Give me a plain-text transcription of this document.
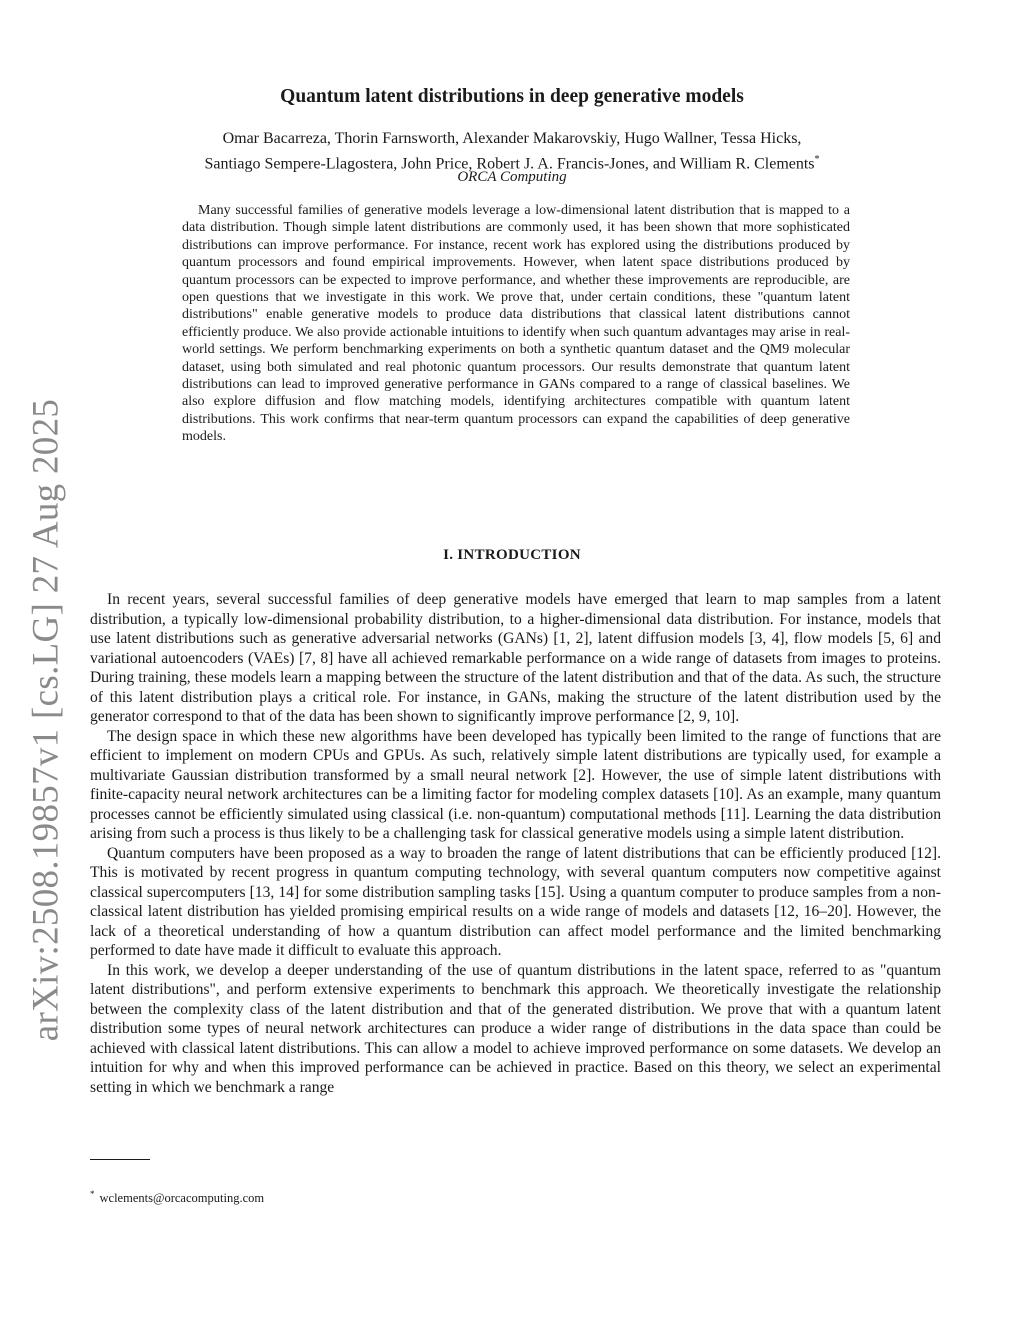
arXiv:2508.19857v1 [cs.LG] 27 Aug 2025
Quantum latent distributions in deep generative models
Omar Bacarreza, Thorin Farnsworth, Alexander Makarovskiy, Hugo Wallner, Tessa Hicks,
Santiago Sempere-Llagostera, John Price, Robert J. A. Francis-Jones, and William R. Clements*
ORCA Computing

Many successful families of generative models leverage a low-dimensional latent distribution that is mapped to a data distribution. Though simple latent distributions are commonly used, it has been shown that more sophisticated distributions can improve performance. For instance, recent work has explored using the distributions produced by quantum processors and found empirical improvements. However, when latent space distributions produced by quantum processors can be expected to improve performance, and whether these improvements are reproducible, are open questions that we investigate in this work. We prove that, under certain conditions, these "quantum latent distributions" enable generative models to produce data distributions that classical latent distributions cannot efficiently produce. We also provide actionable intuitions to identify when such quantum advantages may arise in real-world settings. We perform benchmarking experiments on both a synthetic quantum dataset and the QM9 molecular dataset, using both simulated and real photonic quantum processors. Our results demonstrate that quantum latent distributions can lead to improved generative performance in GANs compared to a range of classical baselines. We also explore diffusion and flow matching models, identifying architectures compatible with quantum latent distributions. This work confirms that near-term quantum processors can expand the capabilities of deep generative models.

I. INTRODUCTION

In recent years, several successful families of deep generative models have emerged that learn to map samples from a latent distribution, a typically low-dimensional probability distribution, to a higher-dimensional data distribution. For instance, models that use latent distributions such as generative adversarial networks (GANs) [1, 2], latent diffusion models [3, 4], flow models [5, 6] and variational autoencoders (VAEs) [7, 8] have all achieved remarkable performance on a wide range of datasets from images to proteins. During training, these models learn a mapping between the structure of the latent distribution and that of the data. As such, the structure of this latent distribution plays a critical role. For instance, in GANs, making the structure of the latent distribution used by the generator correspond to that of the data has been shown to significantly improve performance [2, 9, 10].

The design space in which these new algorithms have been developed has typically been limited to the range of functions that are efficient to implement on modern CPUs and GPUs. As such, relatively simple latent distributions are typically used, for example a multivariate Gaussian distribution transformed by a small neural network [2]. However, the use of simple latent distributions with finite-capacity neural network architectures can be a limiting factor for modeling complex datasets [10]. As an example, many quantum processes cannot be efficiently simulated using classical (i.e. non-quantum) computational methods [11]. Learning the data distribution arising from such a process is thus likely to be a challenging task for classical generative models using a simple latent distribution.

Quantum computers have been proposed as a way to broaden the range of latent distributions that can be efficiently produced [12]. This is motivated by recent progress in quantum computing technology, with several quantum computers now competitive against classical supercomputers [13, 14] for some distribution sampling tasks [15]. Using a quantum computer to produce samples from a non-classical latent distribution has yielded promising empirical results on a wide range of models and datasets [12, 16–20]. However, the lack of a theoretical understanding of how a quantum distribution can affect model performance and the limited benchmarking performed to date have made it difficult to evaluate this approach.

In this work, we develop a deeper understanding of the use of quantum distributions in the latent space, referred to as "quantum latent distributions", and perform extensive experiments to benchmark this approach. We theoretically investigate the relationship between the complexity class of the latent distribution and that of the generated distribution. We prove that with a quantum latent distribution some types of neural network architectures can produce a wider range of distributions in the data space than could be achieved with classical latent distributions. This can allow a model to achieve improved performance on some datasets. We develop an intuition for why and when this improved performance can be achieved in practice. Based on this theory, we select an experimental setting in which we benchmark a range

* wclements@orcacomputing.com
